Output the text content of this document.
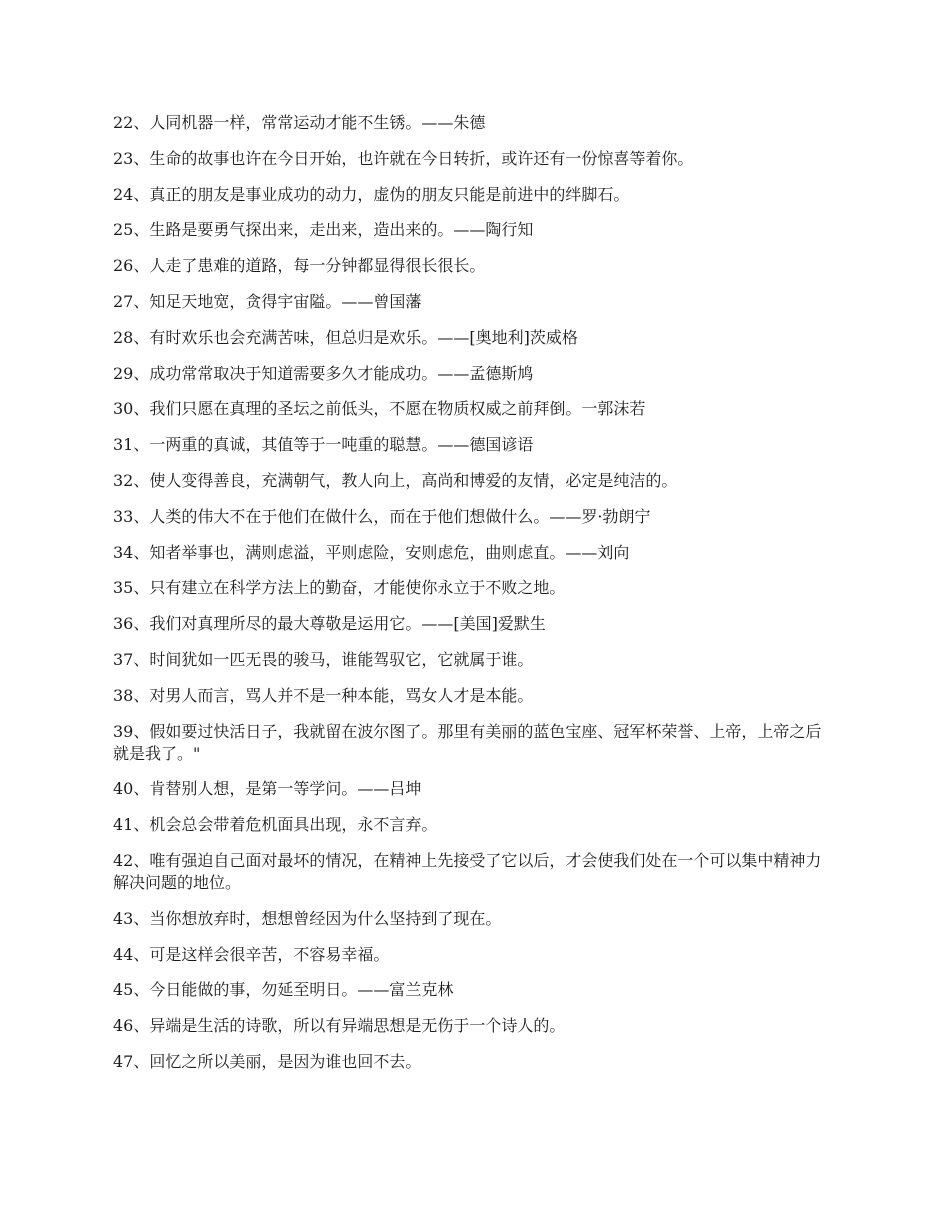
22、人同机器一样，常常运动才能不生锈。——朱德
23、生命的故事也许在今日开始，也许就在今日转折，或许还有一份惊喜等着你。
24、真正的朋友是事业成功的动力，虚伪的朋友只能是前进中的绊脚石。
25、生路是要勇气探出来，走出来，造出来的。——陶行知
26、人走了患难的道路，每一分钟都显得很长很长。
27、知足天地宽，贪得宇宙隘。——曾国藩
28、有时欢乐也会充满苦味，但总归是欢乐。——[奥地利]茨威格
29、成功常常取决于知道需要多久才能成功。——孟德斯鸠
30、我们只愿在真理的圣坛之前低头，不愿在物质权威之前拜倒。一郭沫若
31、一两重的真诚，其值等于一吨重的聪慧。——德国谚语
32、使人变得善良，充满朝气，教人向上，高尚和博爱的友情，必定是纯洁的。
33、人类的伟大不在于他们在做什么，而在于他们想做什么。——罗·勃朗宁
34、知者举事也，满则虑溢，平则虑险，安则虑危，曲则虑直。——刘向
35、只有建立在科学方法上的勤奋，才能使你永立于不败之地。
36、我们对真理所尽的最大尊敬是运用它。——[美国]爱默生
37、时间犹如一匹无畏的骏马，谁能驾驭它，它就属于谁。
38、对男人而言，骂人并不是一种本能，骂女人才是本能。
39、假如要过快活日子，我就留在波尔图了。那里有美丽的蓝色宝座、冠军杯荣誉、上帝，上帝之后就是我了。"
40、肯替别人想，是第一等学问。——吕坤
41、机会总会带着危机面具出现，永不言弃。
42、唯有强迫自己面对最坏的情况，在精神上先接受了它以后，才会使我们处在一个可以集中精神力解决问题的地位。
43、当你想放弃时，想想曾经因为什么坚持到了现在。
44、可是这样会很辛苦，不容易幸福。
45、今日能做的事，勿延至明日。——富兰克林
46、异端是生活的诗歌，所以有异端思想是无伤于一个诗人的。
47、回忆之所以美丽，是因为谁也回不去。
